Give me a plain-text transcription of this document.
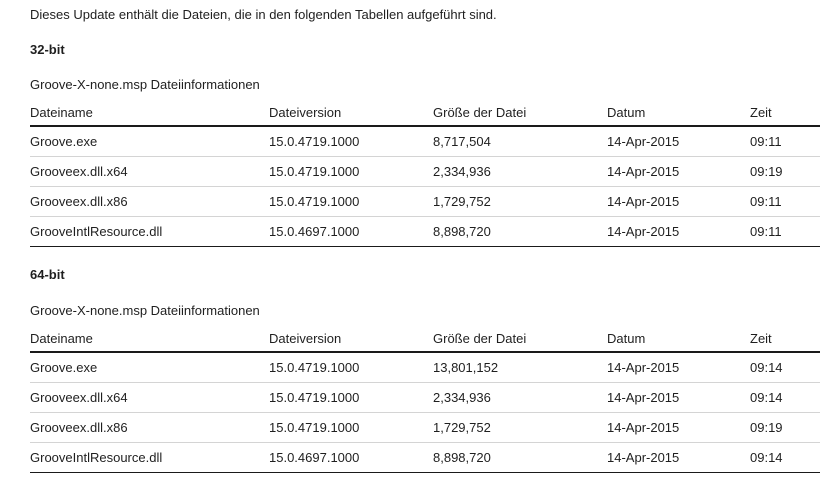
Dieses Update enthält die Dateien, die in den folgenden Tabellen aufgeführt sind.
32-bit
Groove-X-none.msp Dateiinformationen
Dateiname	Dateiversion	Größe der Datei	Datum	Zeit
Groove.exe	15.0.4719.1000	8,717,504	14-Apr-2015	09:11
Grooveex.dll.x64	15.0.4719.1000	2,334,936	14-Apr-2015	09:19
Grooveex.dll.x86	15.0.4719.1000	1,729,752	14-Apr-2015	09:11
GrooveIntlResource.dll	15.0.4697.1000	8,898,720	14-Apr-2015	09:11
64-bit
Groove-X-none.msp Dateiinformationen
Dateiname	Dateiversion	Größe der Datei	Datum	Zeit
Groove.exe	15.0.4719.1000	13,801,152	14-Apr-2015	09:14
Grooveex.dll.x64	15.0.4719.1000	2,334,936	14-Apr-2015	09:14
Grooveex.dll.x86	15.0.4719.1000	1,729,752	14-Apr-2015	09:19
GrooveIntlResource.dll	15.0.4697.1000	8,898,720	14-Apr-2015	09:14
